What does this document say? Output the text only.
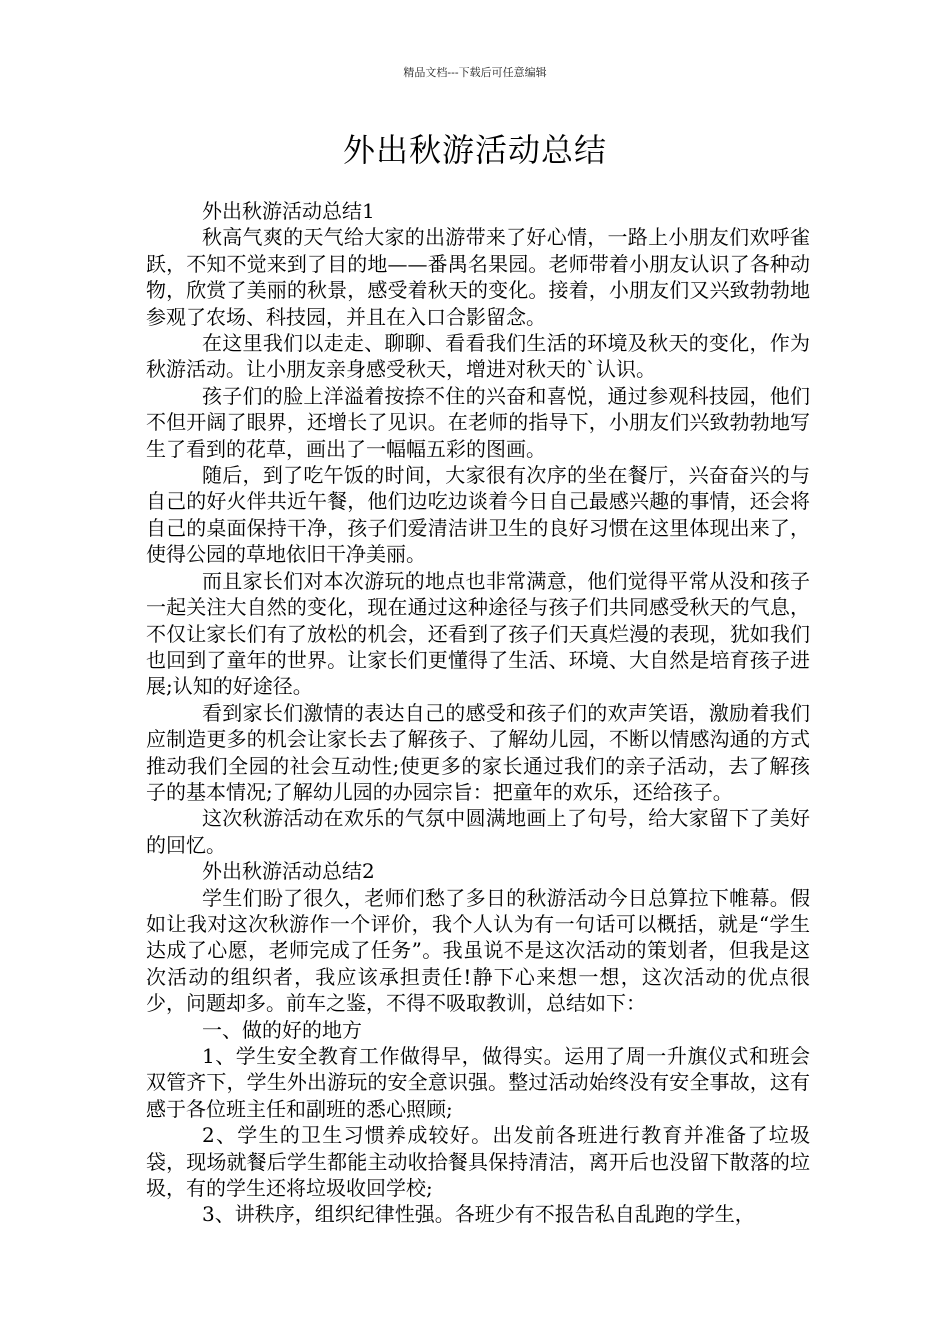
精品文档---下载后可任意编辑
外出秋游活动总结

外出秋游活动总结1

秋高气爽的天气给大家的出游带来了好心情，一路上小朋友们欢呼雀跃，不知不觉来到了目的地——番禺名果园。老师带着小朋友认识了各种动物，欣赏了美丽的秋景，感受着秋天的变化。接着，小朋友们又兴致勃勃地参观了农场、科技园，并且在入口合影留念。

在这里我们以走走、聊聊、看看我们生活的环境及秋天的变化，作为秋游活动。让小朋友亲身感受秋天，增进对秋天的`认识。

孩子们的脸上洋溢着按捺不住的兴奋和喜悦，通过参观科技园，他们不但开阔了眼界，还增长了见识。在老师的指导下，小朋友们兴致勃勃地写生了看到的花草，画出了一幅幅五彩的图画。

随后，到了吃午饭的时间，大家很有次序的坐在餐厅，兴奋奋兴的与自己的好火伴共近午餐，他们边吃边谈着今日自己最感兴趣的事情，还会将自己的桌面保持干净，孩子们爱清洁讲卫生的良好习惯在这里体现出来了，使得公园的草地依旧干净美丽。

而且家长们对本次游玩的地点也非常满意，他们觉得平常从没和孩子一起关注大自然的变化，现在通过这种途径与孩子们共同感受秋天的气息，不仅让家长们有了放松的机会，还看到了孩子们天真烂漫的表现，犹如我们也回到了童年的世界。让家长们更懂得了生活、环境、大自然是培育孩子进展;认知的好途径。

看到家长们激情的表达自己的感受和孩子们的欢声笑语，激励着我们应制造更多的机会让家长去了解孩子、了解幼儿园，不断以情感沟通的方式推动我们全园的社会互动性;使更多的家长通过我们的亲子活动，去了解孩子的基本情况;了解幼儿园的办园宗旨：把童年的欢乐，还给孩子。

这次秋游活动在欢乐的气氛中圆满地画上了句号，给大家留下了美好的回忆。

外出秋游活动总结2

学生们盼了很久，老师们愁了多日的秋游活动今日总算拉下帷幕。假如让我对这次秋游作一个评价，我个人认为有一句话可以概括，就是“学生达成了心愿，老师完成了任务”。我虽说不是这次活动的策划者，但我是这次活动的组织者，我应该承担责任!静下心来想一想，这次活动的优点很少，问题却多。前车之鉴，不得不吸取教训，总结如下：

一、做的好的地方

1、学生安全教育工作做得早，做得实。运用了周一升旗仪式和班会双管齐下，学生外出游玩的安全意识强。整过活动始终没有安全事故，这有感于各位班主任和副班的悉心照顾;

2、学生的卫生习惯养成较好。出发前各班进行教育并准备了垃圾袋，现场就餐后学生都能主动收拾餐具保持清洁，离开后也没留下散落的垃圾，有的学生还将垃圾收回学校;

3、讲秩序，组织纪律性强。各班少有不报告私自乱跑的学生，
